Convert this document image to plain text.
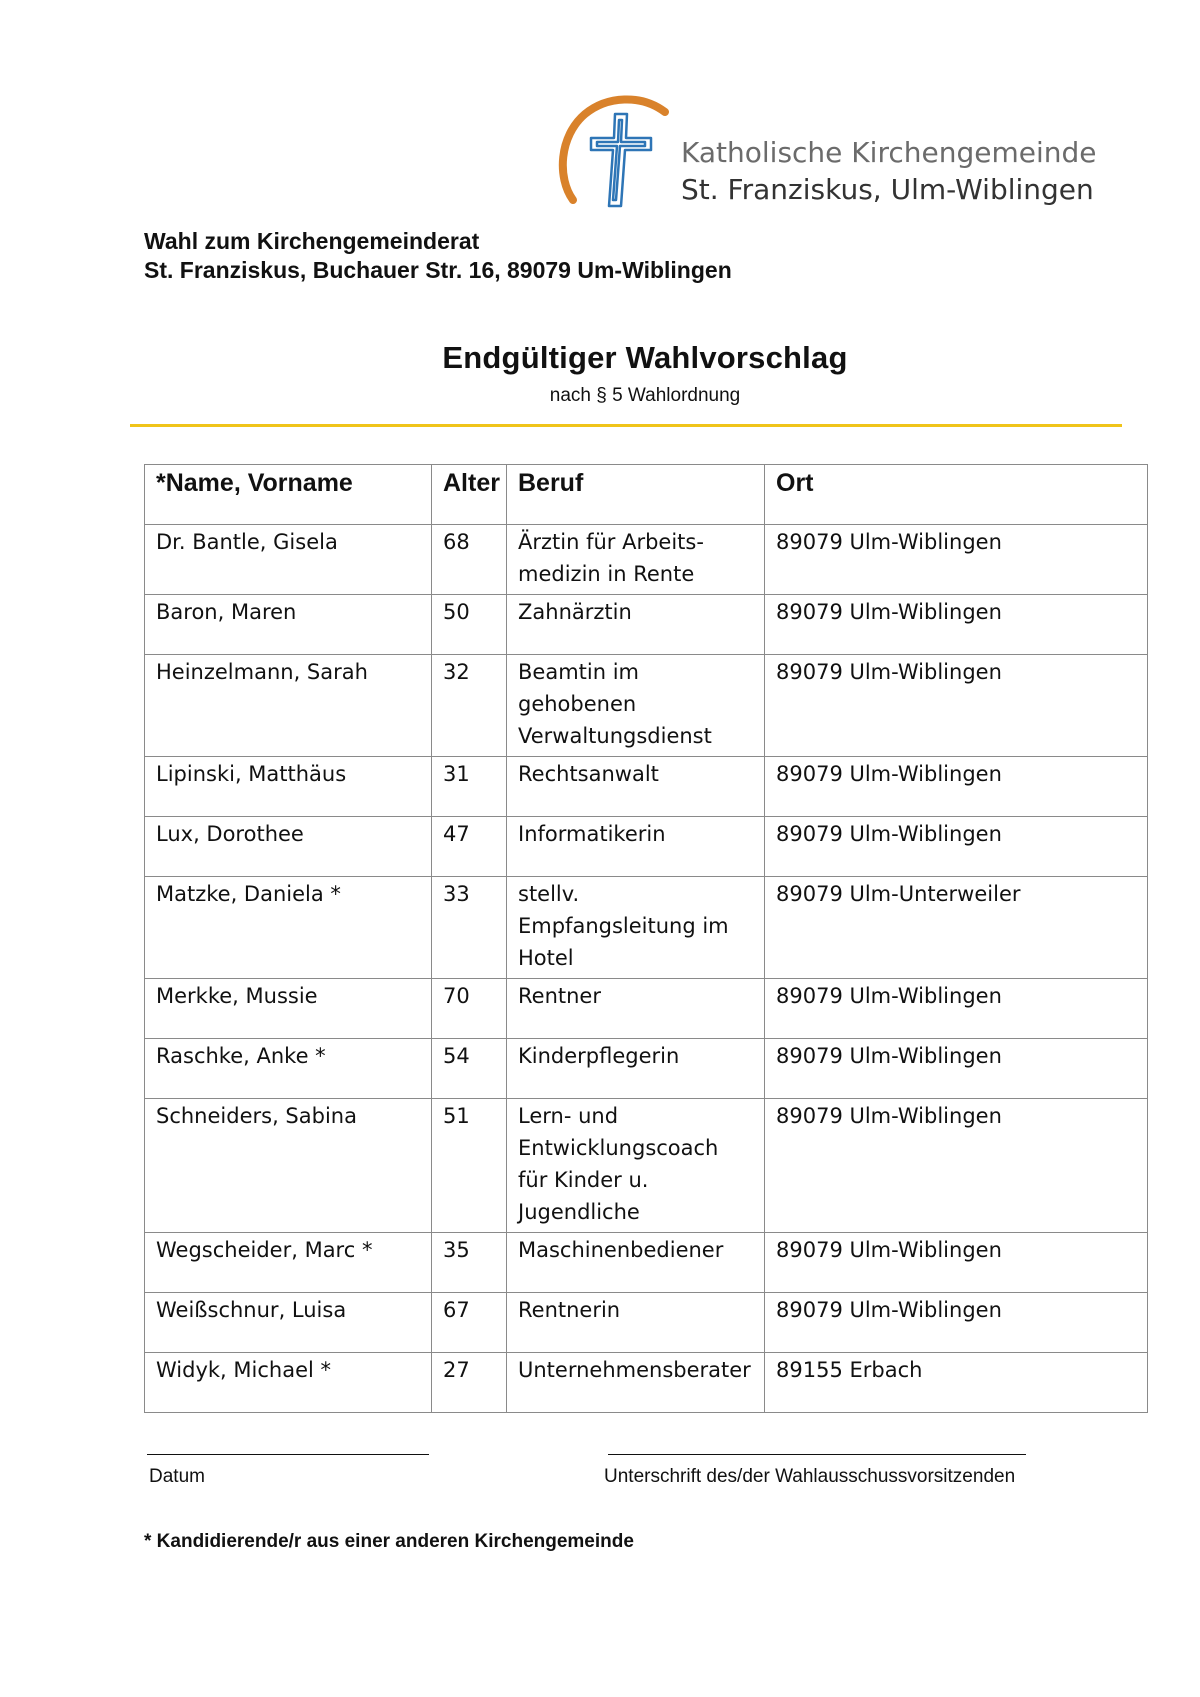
Katholische Kirchengemeinde
St. Franziskus, Ulm-Wiblingen
Wahl zum Kirchengemeinderat
St. Franziskus, Buchauer Str. 16, 89079 Um-Wiblingen
Endgültiger Wahlvorschlag
nach § 5 Wahlordnung
*Name, Vorname	Alter	Beruf	Ort
Dr. Bantle, Gisela	68	Ärztin für Arbeits-medizin in Rente	89079 Ulm-Wiblingen
Baron, Maren	50	Zahnärztin	89079 Ulm-Wiblingen
Heinzelmann, Sarah	32	Beamtin im gehobenen Verwaltungsdienst	89079 Ulm-Wiblingen
Lipinski, Matthäus	31	Rechtsanwalt	89079 Ulm-Wiblingen
Lux, Dorothee	47	Informatikerin	89079 Ulm-Wiblingen
Matzke, Daniela *	33	stellv. Empfangsleitung im Hotel	89079 Ulm-Unterweiler
Merkke, Mussie	70	Rentner	89079 Ulm-Wiblingen
Raschke, Anke *	54	Kinderpflegerin	89079 Ulm-Wiblingen
Schneiders, Sabina	51	Lern- und Entwicklungscoach für Kinder u. Jugendliche	89079 Ulm-Wiblingen
Wegscheider, Marc *	35	Maschinenbediener	89079 Ulm-Wiblingen
Weißschnur, Luisa	67	Rentnerin	89079 Ulm-Wiblingen
Widyk, Michael *	27	Unternehmensberater	89155 Erbach
Datum	Unterschrift des/der Wahlausschussvorsitzenden
* Kandidierende/r aus einer anderen Kirchengemeinde
